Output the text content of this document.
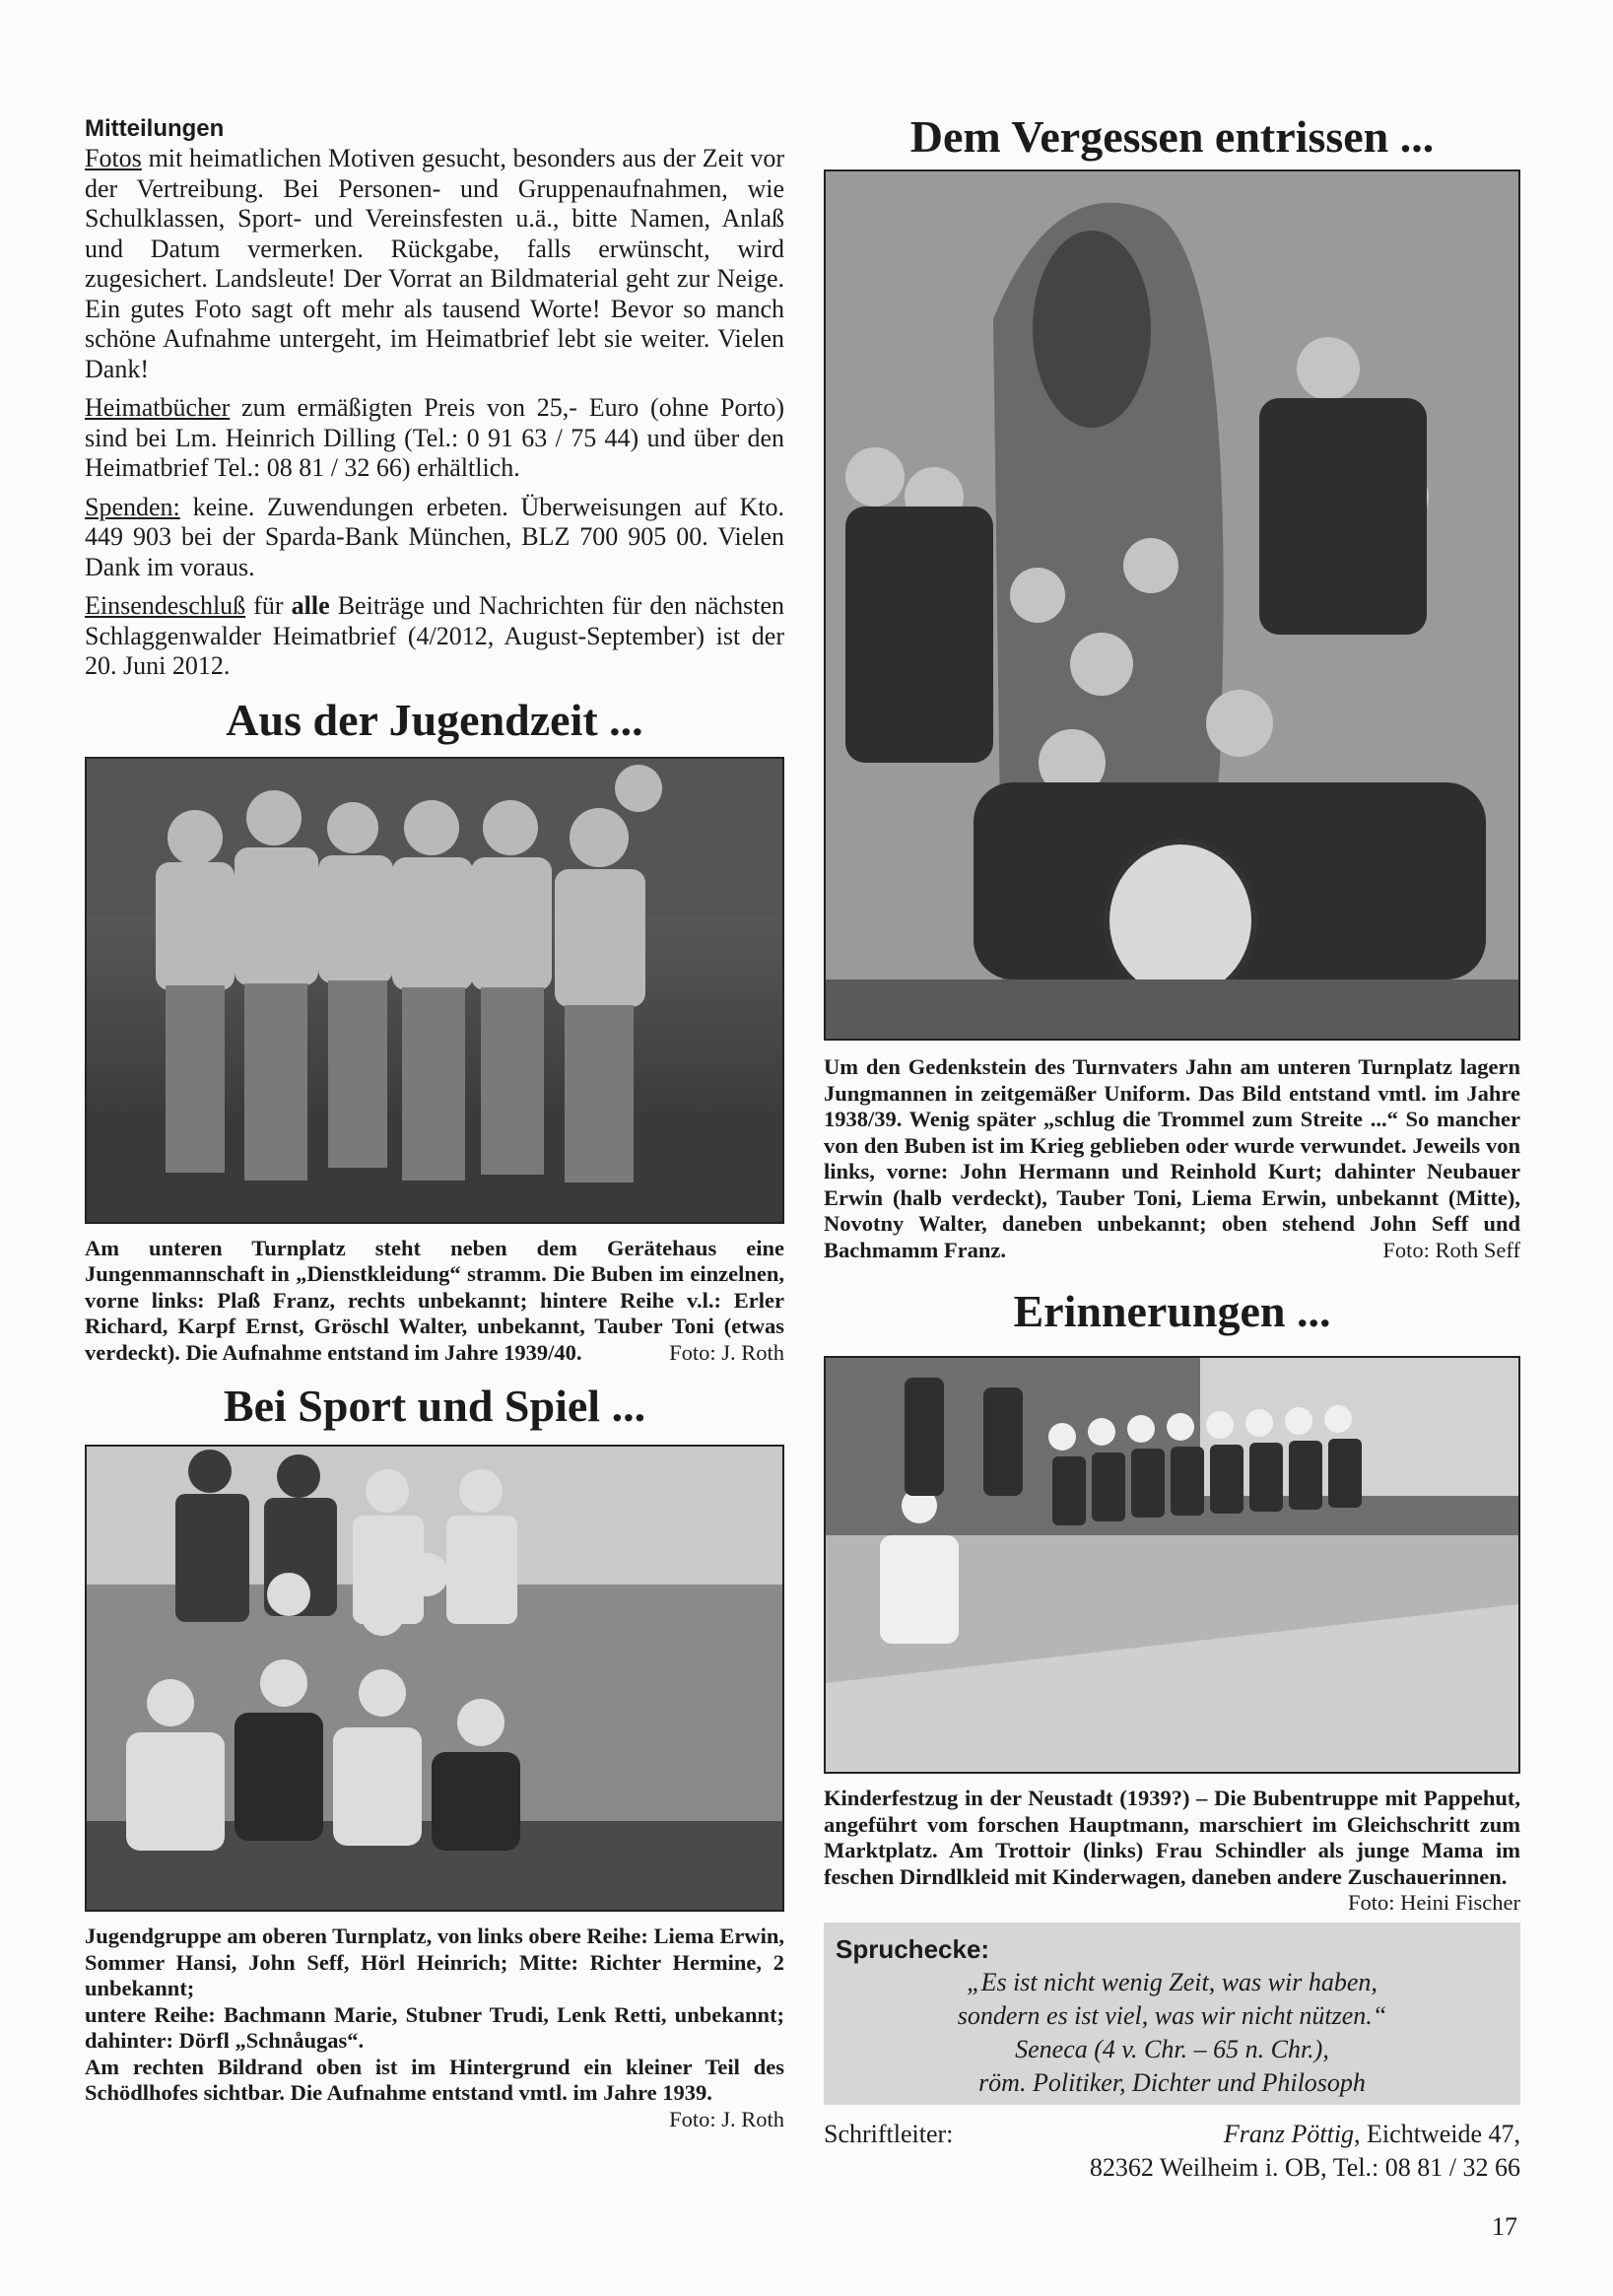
Mitteilungen

Fotos mit heimatlichen Motiven gesucht, besonders aus der Zeit vor der Vertreibung. Bei Personen- und Gruppenaufnahmen, wie Schulklassen, Sport- und Vereinsfesten u.ä., bitte Namen, Anlaß und Datum vermerken. Rückgabe, falls erwünscht, wird zugesichert. Landsleute! Der Vorrat an Bildmaterial geht zur Neige. Ein gutes Foto sagt oft mehr als tausend Worte! Bevor so manch schöne Aufnahme untergeht, im Heimatbrief lebt sie weiter. Vielen Dank!

Heimatbücher zum ermäßigten Preis von 25,- Euro (ohne Porto) sind bei Lm. Heinrich Dilling (Tel.: 0 91 63 / 75 44) und über den Heimatbrief Tel.: 08 81 / 32 66) erhältlich.

Spenden: keine. Zuwendungen erbeten. Überweisungen auf Kto. 449 903 bei der Sparda-Bank München, BLZ 700 905 00. Vielen Dank im voraus.

Einsendeschluß für alle Beiträge und Nachrichten für den nächsten Schlaggenwalder Heimatbrief (4/2012, August-September) ist der 20. Juni 2012.

Aus der Jugendzeit ...

Am unteren Turnplatz steht neben dem Gerätehaus eine Jungenmannschaft in „Dienstkleidung“ stramm. Die Buben im einzelnen, vorne links: Plaß Franz, rechts unbekannt; hintere Reihe v.l.: Erler Richard, Karpf Ernst, Gröschl Walter, unbekannt, Tauber Toni (etwas verdeckt). Die Aufnahme entstand im Jahre 1939/40.	Foto: J. Roth

Bei Sport und Spiel ...

Jugendgruppe am oberen Turnplatz, von links obere Reihe: Liema Erwin, Sommer Hansi, John Seff, Hörl Heinrich; Mitte: Richter Hermine, 2 unbekannt;

untere Reihe: Bachmann Marie, Stubner Trudi, Lenk Retti, unbekannt; dahinter: Dörfl „Schnåugas“.

Am rechten Bildrand oben ist im Hintergrund ein kleiner Teil des Schödlhofes sichtbar. Die Aufnahme entstand vmtl. im Jahre 1939.
Foto: J. Roth

Dem Vergessen entrissen ...

Um den Gedenkstein des Turnvaters Jahn am unteren Turnplatz lagern Jungmannen in zeitgemäßer Uniform. Das Bild entstand vmtl. im Jahre 1938/39. Wenig später „schlug die Trommel zum Streite ...“ So mancher von den Buben ist im Krieg geblieben oder wurde verwundet. Jeweils von links, vorne: John Hermann und Reinhold Kurt; dahinter Neubauer Erwin (halb verdeckt), Tauber Toni, Liema Erwin, unbekannt (Mitte), Novotny Walter, daneben unbekannt; oben stehend John Seff und Bachmamm Franz.	Foto: Roth Seff

Erinnerungen ...

Kinderfestzug in der Neustadt (1939?) – Die Bubentruppe mit Pappehut, angeführt vom forschen Hauptmann, marschiert im Gleichschritt zum Marktplatz. Am Trottoir (links) Frau Schindler als junge Mama im feschen Dirndlkleid mit Kinderwagen, daneben andere Zuschauerinnen.
Foto: Heini Fischer

Spruchecke:
„Es ist nicht wenig Zeit, was wir haben,
sondern es ist viel, was wir nicht nützen.“
Seneca (4 v. Chr. – 65 n. Chr.),
röm. Politiker, Dichter und Philosoph
Schriftleiter:	Franz Pöttig, Eichtweide 47,
82362 Weilheim i. OB, Tel.: 08 81 / 32 66
17
